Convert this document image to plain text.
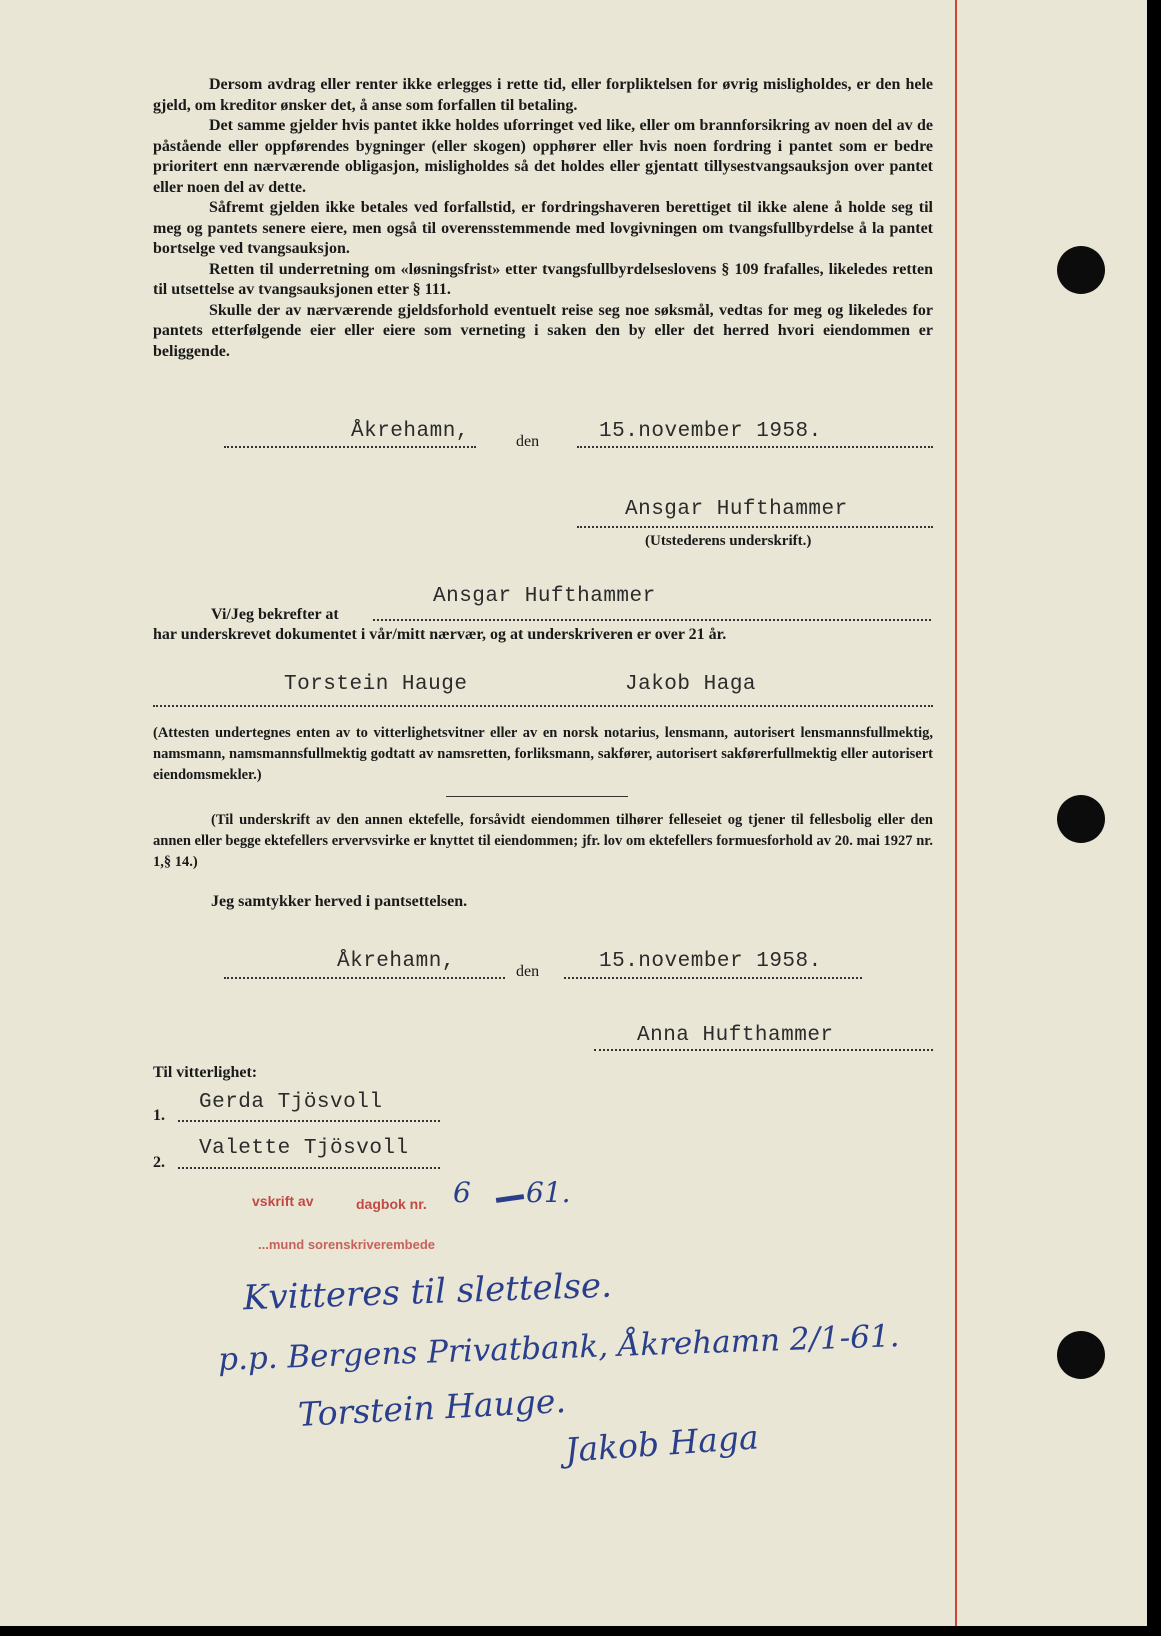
Dersom avdrag eller renter ikke erlegges i rette tid, eller forpliktelsen for øvrig misligholdes, er den hele gjeld, om kreditor ønsker det, å anse som forfallen til betaling.

Det samme gjelder hvis pantet ikke holdes uforringet ved like, eller om brannforsikring av noen del av de påstående eller oppførendes bygninger (eller skogen) opphører eller hvis noen fordring i pantet som er bedre prioritert enn nærværende obligasjon, misligholdes så det holdes eller gjentatt tillysestvangsauksjon over pantet eller noen del av dette.

Såfremt gjelden ikke betales ved forfallstid, er fordringshaveren berettiget til ikke alene å holde seg til meg og pantets senere eiere, men også til overensstemmende med lovgivningen om tvangsfullbyrdelse å la pantet bortselge ved tvangsauksjon.

Retten til underretning om «løsningsfrist» etter tvangsfullbyrdelseslovens § 109 frafalles, likeledes retten til utsettelse av tvangsauksjonen etter § 111.

Skulle der av nærværende gjeldsforhold eventuelt reise seg noe søksmål, vedtas for meg og likeledes for pantets etterfølgende eier eller eiere som verneting i saken den by eller det herred hvori eiendommen er beliggende.

Åkrehamn,	den	15.november 1958.
Ansgar Hufthammer
(Utstederens underskrift.)
Vi/Jeg bekrefter at
Ansgar Hufthammer
har underskrevet dokumentet i vår/mitt nærvær, og at underskriveren er over 21 år.
Torstein Hauge	Jakob Haga
(Attesten undertegnes enten av to vitterlighetsvitner eller av en norsk notarius, lensmann, autorisert lensmannsfullmektig, namsmann, namsmannsfullmektig godtatt av namsretten, forliksmann, sakfører, autorisert sakførerfullmektig eller autorisert eiendomsmekler.)
(Til underskrift av den annen ektefelle, forsåvidt eiendommen tilhører felleseiet og tjener til fellesbolig eller den annen eller begge ektefellers ervervsvirke er knyttet til eiendommen; jfr. lov om ektefellers formuesforhold av 20. mai 1927 nr. 1,§ 14.)
Jeg samtykker herved i pantsettelsen.
Åkrehamn,	den	15.november 1958.
Anna Hufthammer
Til vitterlighet:
1.
Gerda Tjösvoll
2.
Valette Tjösvoll
vskrift av	dagbok nr. 6 61.
...mund sorenskriverembede
Kvitteres til slettelse.
p.p. Bergens Privatbank, Åkrehamn 2/1-61.
Torstein Hauge.
Jakob Haga
